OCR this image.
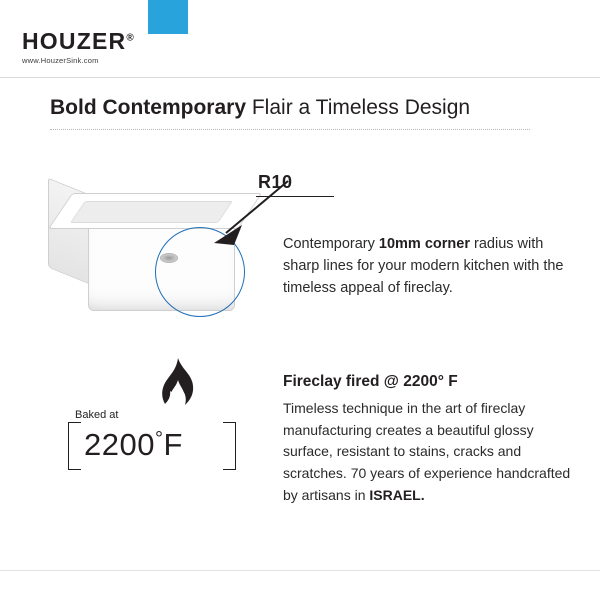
HOUZER®
www.HouzerSink.com
Bold Contemporary Flair a Timeless Design
R10
Contemporary 10mm corner radius with sharp lines for your modern kitchen with the timeless appeal of fireclay.
Baked at
2200°F
Fireclay fired @ 2200° F
Timeless technique in the art of fireclay manufacturing creates a beautiful glossy surface, resistant to stains, cracks and scratches. 70 years of experience handcrafted by artisans in ISRAEL.
